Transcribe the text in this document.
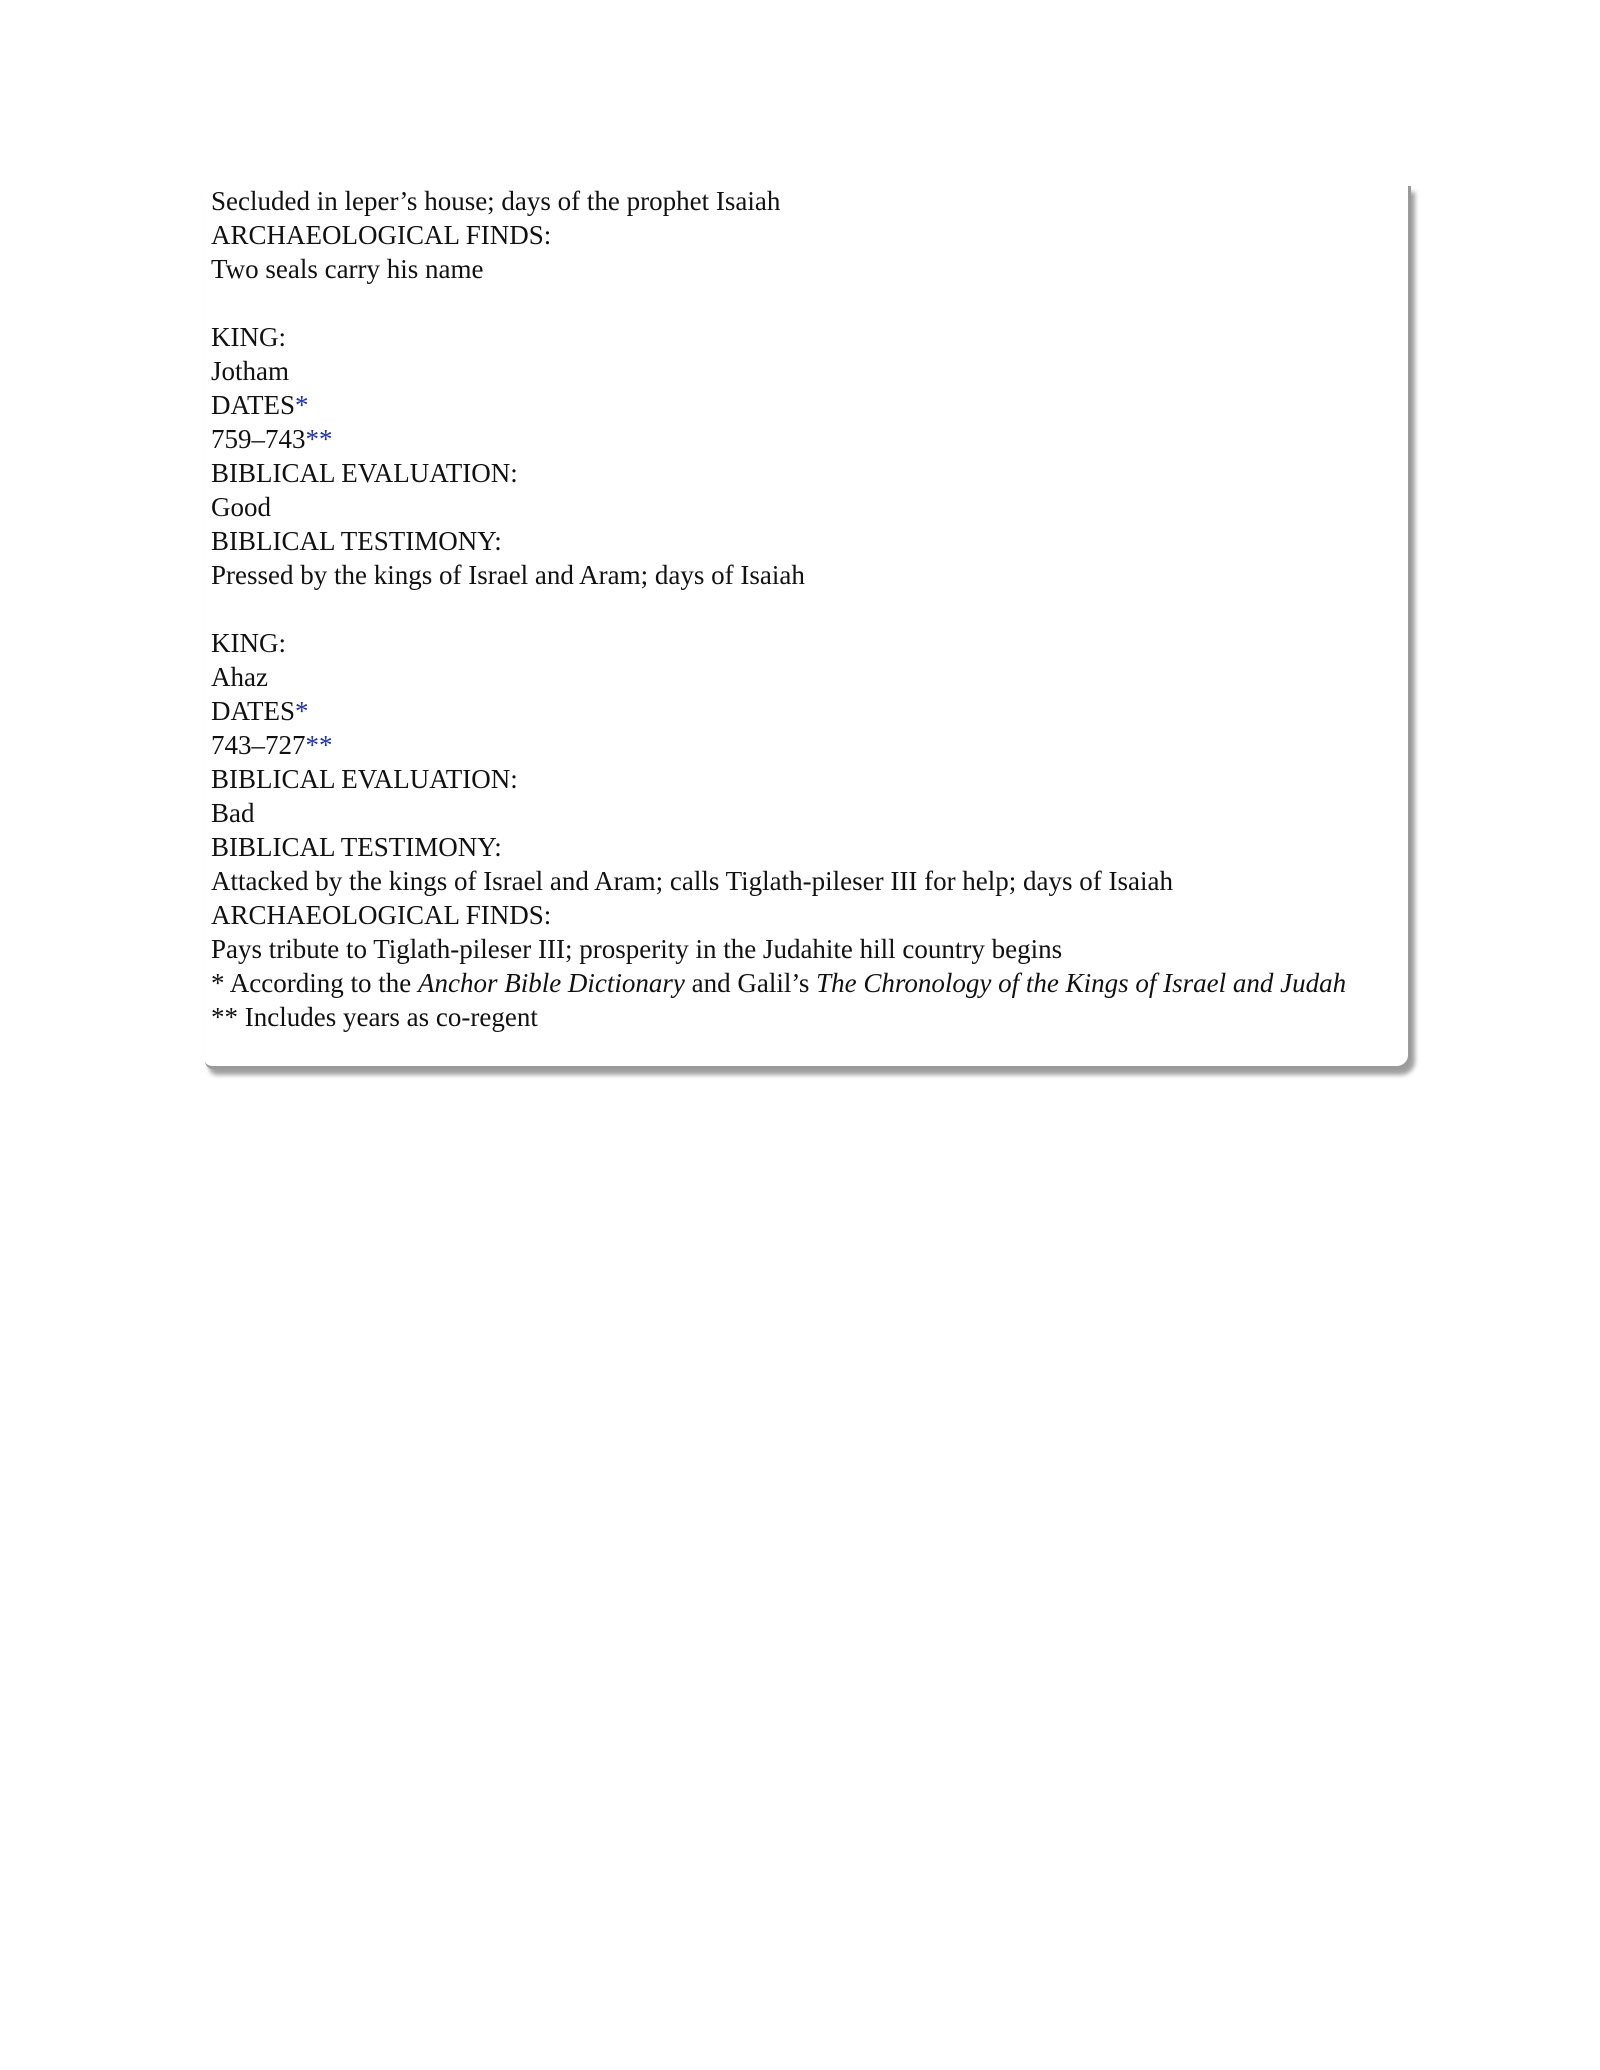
Secluded in leper’s house; days of the prophet Isaiah
ARCHAEOLOGICAL FINDS:
Two seals carry his name
KING:
Jotham
DATES*
759–743**
BIBLICAL EVALUATION:
Good
BIBLICAL TESTIMONY:
Pressed by the kings of Israel and Aram; days of Isaiah
KING:
Ahaz
DATES*
743–727**
BIBLICAL EVALUATION:
Bad
BIBLICAL TESTIMONY:
Attacked by the kings of Israel and Aram; calls Tiglath-pileser III for help; days of Isaiah
ARCHAEOLOGICAL FINDS:
Pays tribute to Tiglath-pileser III; prosperity in the Judahite hill country begins
* According to the Anchor Bible Dictionary and Galil’s The Chronology of the Kings of Israel and Judah
** Includes years as co-regent
